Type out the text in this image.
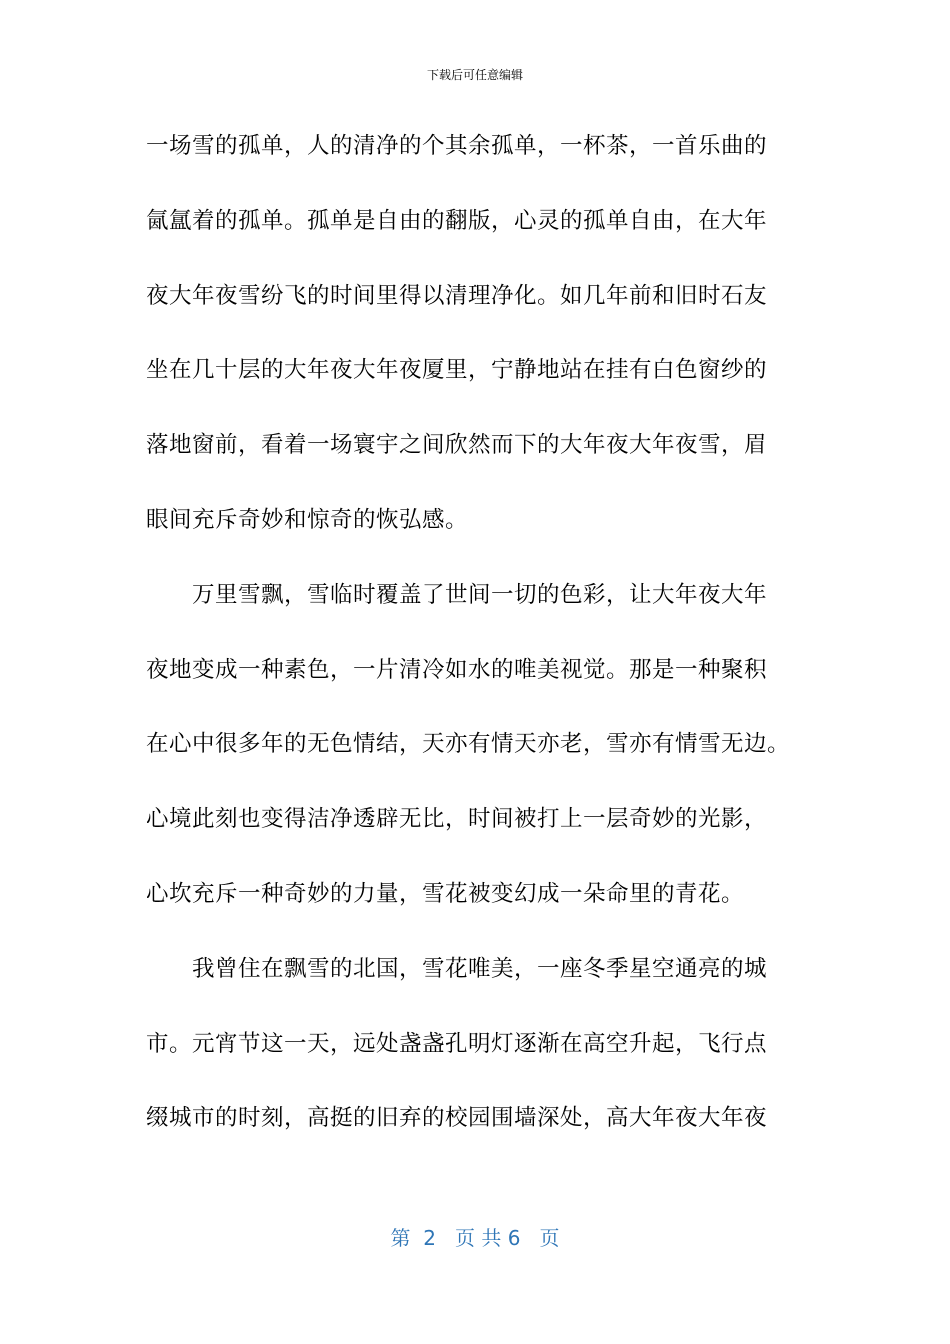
下载后可任意编辑
一场雪的孤单，人的清净的个其余孤单，一杯茶，一首乐曲的
氤氲着的孤单。孤单是自由的翻版，心灵的孤单自由，在大年
夜大年夜雪纷飞的时间里得以清理净化。如几年前和旧时石友
坐在几十层的大年夜大年夜厦里，宁静地站在挂有白色窗纱的
落地窗前，看着一场寰宇之间欣然而下的大年夜大年夜雪，眉
眼间充斥奇妙和惊奇的恢弘感。
万里雪飘，雪临时覆盖了世间一切的色彩，让大年夜大年
夜地变成一种素色，一片清冷如水的唯美视觉。那是一种聚积
在心中很多年的无色情结，天亦有情天亦老，雪亦有情雪无边。
心境此刻也变得洁净透辟无比，时间被打上一层奇妙的光影，
心坎充斥一种奇妙的力量，雪花被变幻成一朵命里的青花。
我曾住在飘雪的北国，雪花唯美，一座冬季星空通亮的城
市。元宵节这一天，远处盏盏孔明灯逐渐在高空升起，飞行点
缀城市的时刻，高挺的旧弃的校园围墙深处，高大年夜大年夜
第  2   页 共 6   页
